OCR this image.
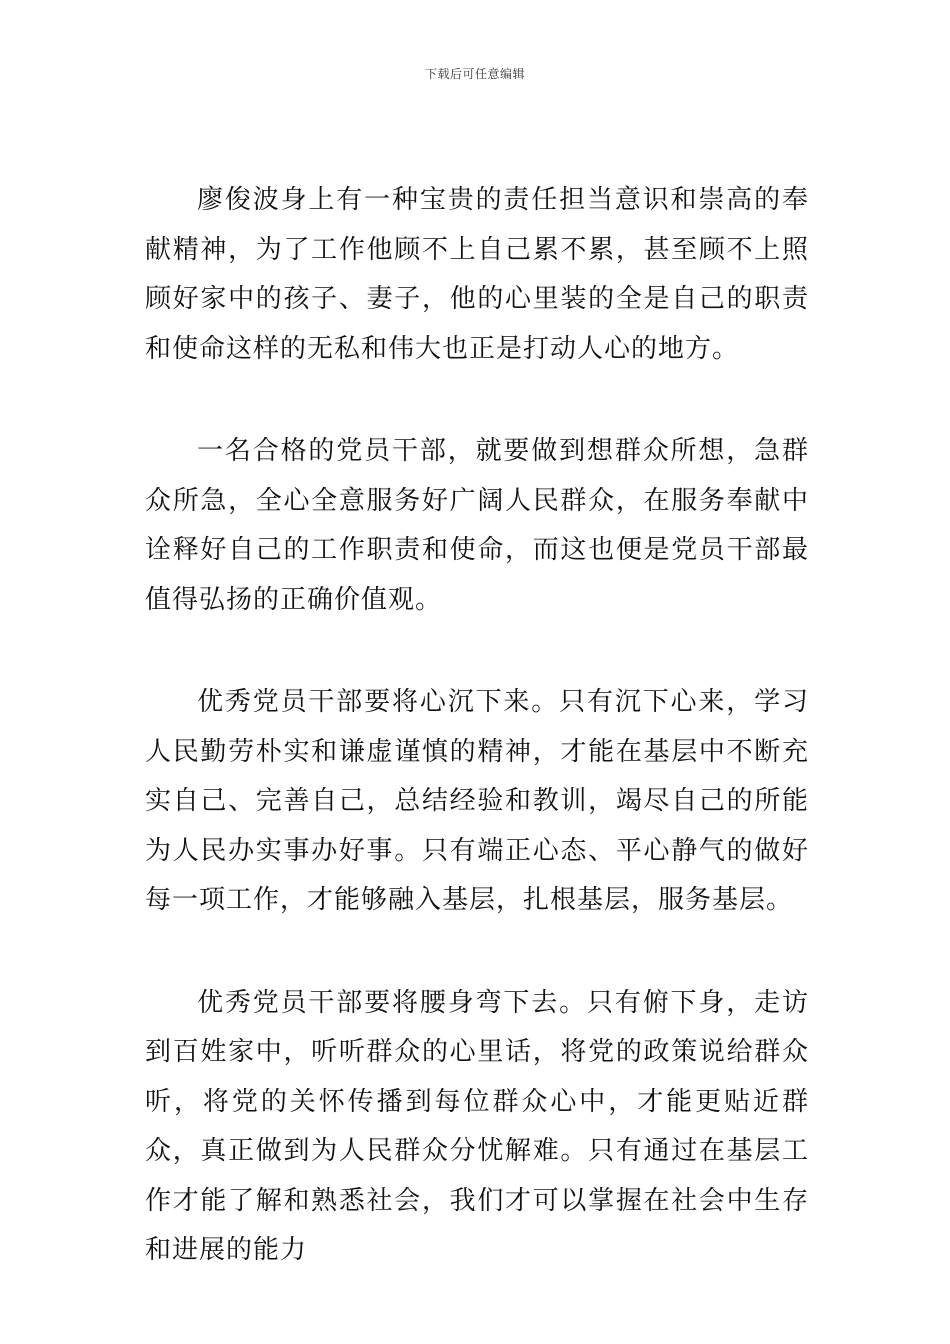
下载后可任意编辑

廖俊波身上有一种宝贵的责任担当意识和崇高的奉献精神，为了工作他顾不上自己累不累，甚至顾不上照顾好家中的孩子、妻子，他的心里装的全是自己的职责和使命这样的无私和伟大也正是打动人心的地方。

一名合格的党员干部，就要做到想群众所想，急群众所急，全心全意服务好广阔人民群众，在服务奉献中诠释好自己的工作职责和使命，而这也便是党员干部最值得弘扬的正确价值观。

优秀党员干部要将心沉下来。只有沉下心来，学习人民勤劳朴实和谦虚谨慎的精神，才能在基层中不断充实自己、完善自己，总结经验和教训，竭尽自己的所能为人民办实事办好事。只有端正心态、平心静气的做好每一项工作，才能够融入基层，扎根基层，服务基层。

优秀党员干部要将腰身弯下去。只有俯下身，走访到百姓家中，听听群众的心里话，将党的政策说给群众听，将党的关怀传播到每位群众心中，才能更贴近群众，真正做到为人民群众分忧解难。只有通过在基层工作才能了解和熟悉社会，我们才可以掌握在社会中生存和进展的能力
